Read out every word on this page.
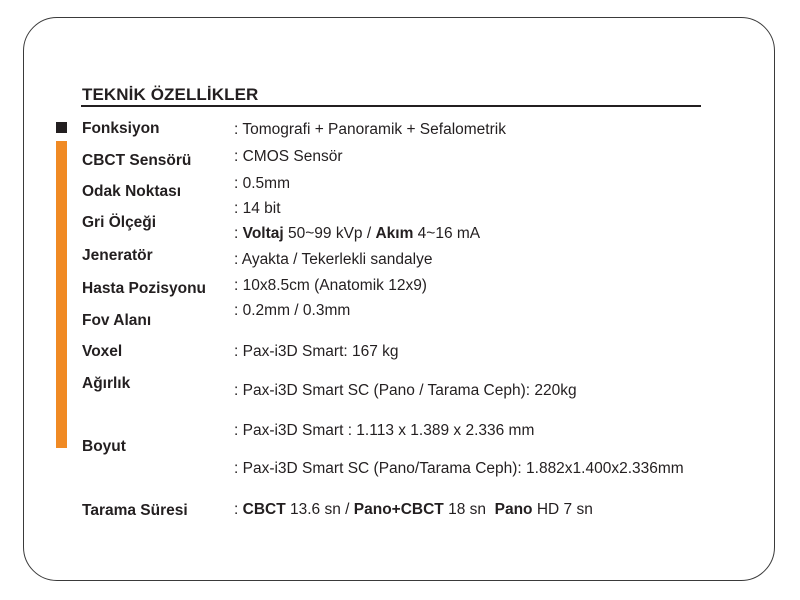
TEKNİK ÖZELLİKLER
Fonksiyon
CBCT Sensörü
Odak Noktası
Gri Ölçeği
Jeneratör
Hasta Pozisyonu
Fov Alanı
Voxel
Ağırlık
Boyut
Tarama Süresi
: Tomografi + Panoramik + Sefalometrik
: CMOS Sensör
: 0.5mm
: 14 bit
: Voltaj 50~99 kVp / Akım 4~16 mA
: Ayakta / Tekerlekli sandalye
: 10x8.5cm (Anatomik 12x9)
: 0.2mm / 0.3mm
: Pax-i3D Smart: 167 kg
: Pax-i3D Smart SC (Pano / Tarama Ceph): 220kg
: Pax-i3D Smart : 1.113 x 1.389 x 2.336 mm
: Pax-i3D Smart SC (Pano/Tarama Ceph): 1.882x1.400x2.336mm
: CBCT 13.6 sn / Pano+CBCT 18 sn  Pano HD 7 sn
